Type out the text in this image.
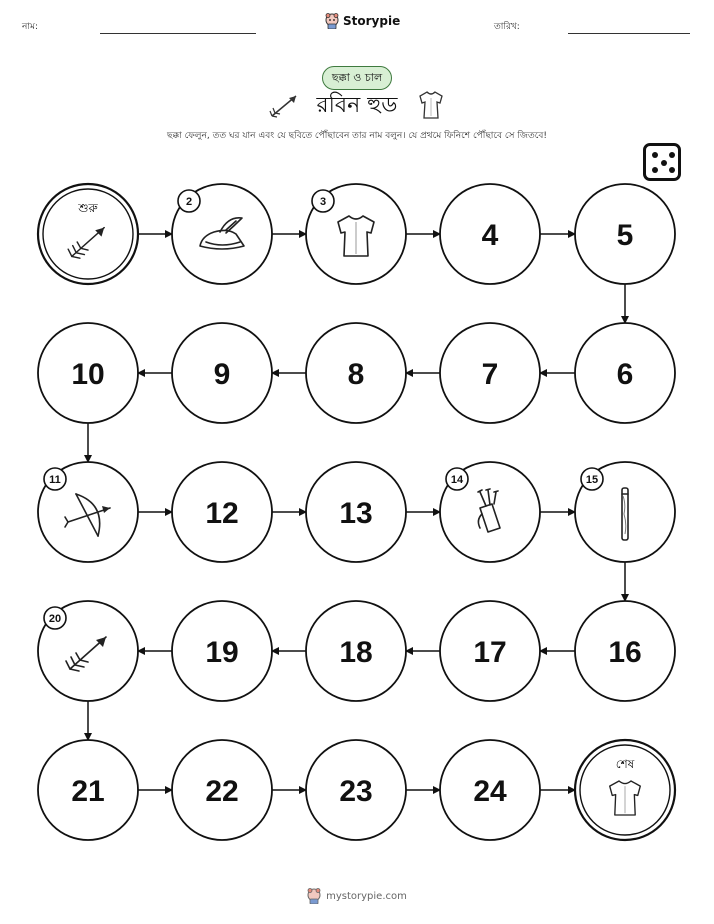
নাম:	Storypie	তারিখ:
ছক্কা ও চাল
রবিন হুড
ছক্কা ফেলুন, তত ঘর যান এবং যে ছবিতে পৌঁছাবেন তার নাম বলুন। যে প্রথমে ফিনিশে পৌঁছাবে সে জিতবে!
শুরু	2	3
4	5
6
7
8
9
10
11
12	13
14	15
16
17
18
19
20
21	22	23	24
শেষ
mystorypie.com
